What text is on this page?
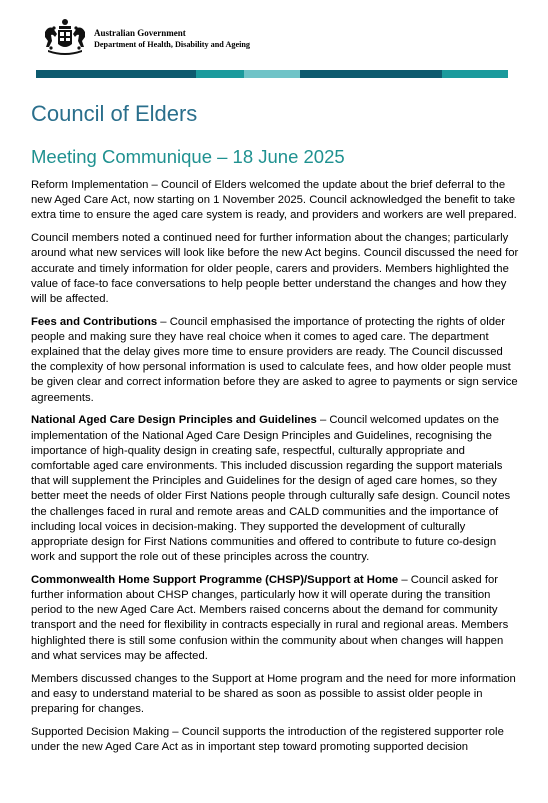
Australian Government
Department of Health, Disability and Ageing
Council of Elders
Meeting Communique – 18 June 2025

Reform Implementation – Council of Elders welcomed the update about the brief deferral to the new Aged Care Act, now starting on 1 November 2025. Council acknowledged the benefit to take extra time to ensure the aged care system is ready, and providers and workers are well prepared.

Council members noted a continued need for further information about the changes; particularly around what new services will look like before the new Act begins. Council discussed the need for accurate and timely information for older people, carers and providers. Members highlighted the value of face-to face conversations to help people better understand the changes and how they will be affected.

Fees and Contributions – Council emphasised the importance of protecting the rights of older people and making sure they have real choice when it comes to aged care. The department explained that the delay gives more time to ensure providers are ready. The Council discussed the complexity of how personal information is used to calculate fees, and how older people must be given clear and correct information before they are asked to agree to payments or sign service agreements.

National Aged Care Design Principles and Guidelines – Council welcomed updates on the implementation of the National Aged Care Design Principles and Guidelines, recognising the importance of high-quality design in creating safe, respectful, culturally appropriate and comfortable aged care environments. This included discussion regarding the support materials that will supplement the Principles and Guidelines for the design of aged care homes, so they better meet the needs of older First Nations people through culturally safe design. Council notes the challenges faced in rural and remote areas and CALD communities and the importance of including local voices in decision-making. They supported the development of culturally appropriate design for First Nations communities and offered to contribute to future co-design work and support the role out of these principles across the country.

Commonwealth Home Support Programme (CHSP)/Support at Home – Council asked for further information about CHSP changes, particularly how it will operate during the transition period to the new Aged Care Act. Members raised concerns about the demand for community transport and the need for flexibility in contracts especially in rural and regional areas. Members highlighted there is still some confusion within the community about when changes will happen and what services may be affected.

Members discussed changes to the Support at Home program and the need for more information and easy to understand material to be shared as soon as possible to assist older people in preparing for changes.

Supported Decision Making – Council supports the introduction of the registered supporter role under the new Aged Care Act as in important step toward promoting supported decision
